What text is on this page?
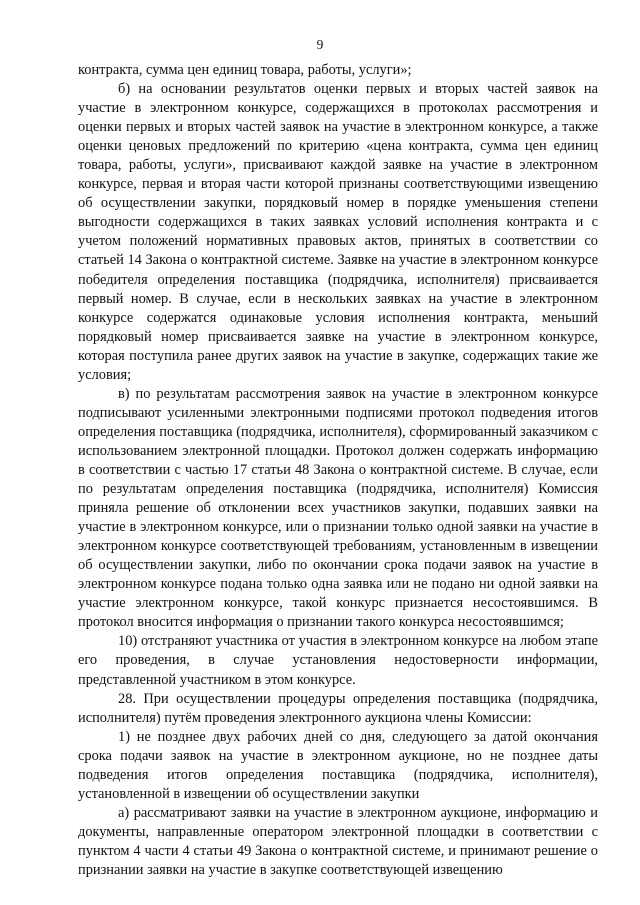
9

контракта, сумма цен единиц товара, работы, услуги»;

б) на основании результатов оценки первых и вторых частей заявок на участие в электронном конкурсе, содержащихся в протоколах рассмотрения и оценки первых и вторых частей заявок на участие в электронном конкурсе, а также оценки ценовых предложений по критерию «цена контракта, сумма цен единиц товара, работы, услуги», присваивают каждой заявке на участие в электронном конкурсе, первая и вторая части которой признаны соответствующими извещению об осуществлении закупки, порядковый номер в порядке уменьшения степени выгодности содержащихся в таких заявках условий исполнения контракта и с учетом положений нормативных правовых актов, принятых в соответствии со статьей 14 Закона о контрактной системе. Заявке на участие в электронном конкурсе победителя определения поставщика (подрядчика, исполнителя) присваивается первый номер. В случае, если в нескольких заявках на участие в электронном конкурсе содержатся одинаковые условия исполнения контракта, меньший порядковый номер присваивается заявке на участие в электронном конкурсе, которая поступила ранее других заявок на участие в закупке, содержащих такие же условия;

в) по результатам рассмотрения заявок на участие в электронном конкурсе подписывают усиленными электронными подписями протокол подведения итогов определения поставщика (подрядчика, исполнителя), сформированный заказчиком с использованием электронной площадки. Протокол должен содержать информацию в соответствии с частью 17 статьи 48 Закона о контрактной системе. В случае, если по результатам определения поставщика (подрядчика, исполнителя) Комиссия приняла решение об отклонении всех участников закупки, подавших заявки на участие в электронном конкурсе, или о признании только одной заявки на участие в электронном конкурсе соответствующей требованиям, установленным в извещении об осуществлении закупки, либо по окончании срока подачи заявок на участие в электронном конкурсе подана только одна заявка или не подано ни одной заявки на участие электронном конкурсе, такой конкурс признается несостоявшимся. В протокол вносится информация о признании такого конкурса несостоявшимся;

10) отстраняют участника от участия в электронном конкурсе на любом этапе его проведения, в случае установления недостоверности информации, представленной участником в этом конкурсе.

28. При осуществлении процедуры определения поставщика (подрядчика, исполнителя) путём проведения электронного аукциона члены Комиссии:

1) не позднее двух рабочих дней со дня, следующего за датой окончания срока подачи заявок на участие в электронном аукционе, но не позднее даты подведения итогов определения поставщика (подрядчика, исполнителя), установленной в извещении об осуществлении закупки

а) рассматривают заявки на участие в электронном аукционе, информацию и документы, направленные оператором электронной площадки в соответствии с пунктом 4 части 4 статьи 49 Закона о контрактной системе, и принимают решение о признании заявки на участие в закупке соответствующей извещению
